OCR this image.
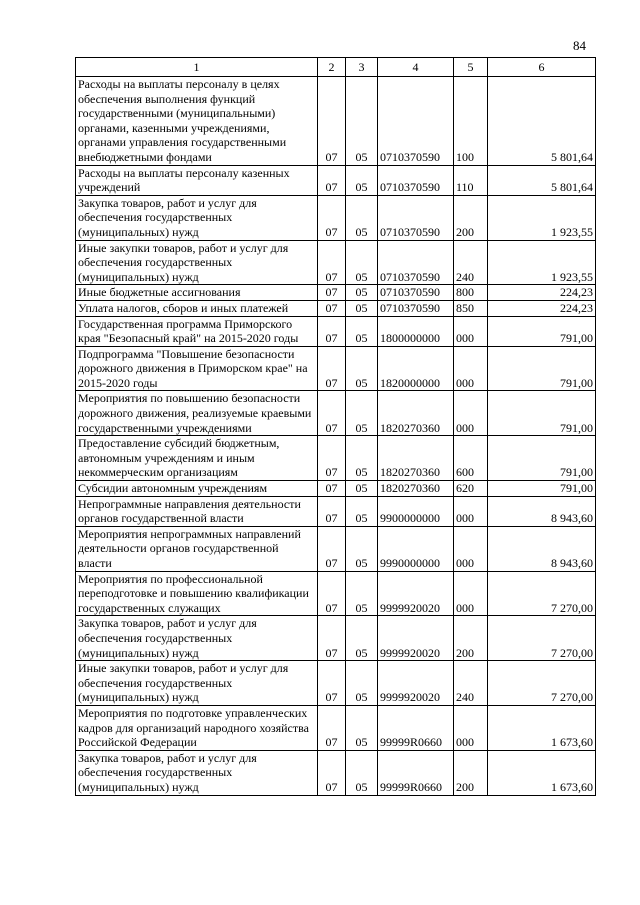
84
1	2	3	4	5	6
Расходы на выплаты персоналу в целях обеспечения выполнения функций государственными (муниципальными) органами, казенными учреждениями, органами управления государственными внебюджетными фондами	07	05	0710370590	100	5 801,64
Расходы на выплаты персоналу казенных учреждений	07	05	0710370590	110	5 801,64
Закупка товаров, работ и услуг для обеспечения государственных (муниципальных) нужд	07	05	0710370590	200	1 923,55
Иные закупки товаров, работ и услуг для обеспечения государственных (муниципальных) нужд	07	05	0710370590	240	1 923,55
Иные бюджетные ассигнования	07	05	0710370590	800	224,23
Уплата налогов, сборов и иных платежей	07	05	0710370590	850	224,23
Государственная программа Приморского края "Безопасный край" на 2015-2020 годы	07	05	1800000000	000	791,00
Подпрограмма "Повышение безопасности дорожного движения в Приморском крае" на 2015-2020 годы	07	05	1820000000	000	791,00
Мероприятия по повышению безопасности дорожного движения, реализуемые краевыми государственными учреждениями	07	05	1820270360	000	791,00
Предоставление субсидий бюджетным, автономным учреждениям и иным некоммерческим организациям	07	05	1820270360	600	791,00
Субсидии автономным учреждениям	07	05	1820270360	620	791,00
Непрограммные направления деятельности органов государственной власти	07	05	9900000000	000	8 943,60
Мероприятия непрограммных направлений деятельности органов государственной власти	07	05	9990000000	000	8 943,60
Мероприятия по профессиональной переподготовке и повышению квалификации государственных служащих	07	05	9999920020	000	7 270,00
Закупка товаров, работ и услуг для обеспечения государственных (муниципальных) нужд	07	05	9999920020	200	7 270,00
Иные закупки товаров, работ и услуг для обеспечения государственных (муниципальных) нужд	07	05	9999920020	240	7 270,00
Мероприятия по подготовке управленческих кадров для организаций народного хозяйства Российской Федерации	07	05	99999R0660	000	1 673,60
Закупка товаров, работ и услуг для обеспечения государственных (муниципальных) нужд	07	05	99999R0660	200	1 673,60
